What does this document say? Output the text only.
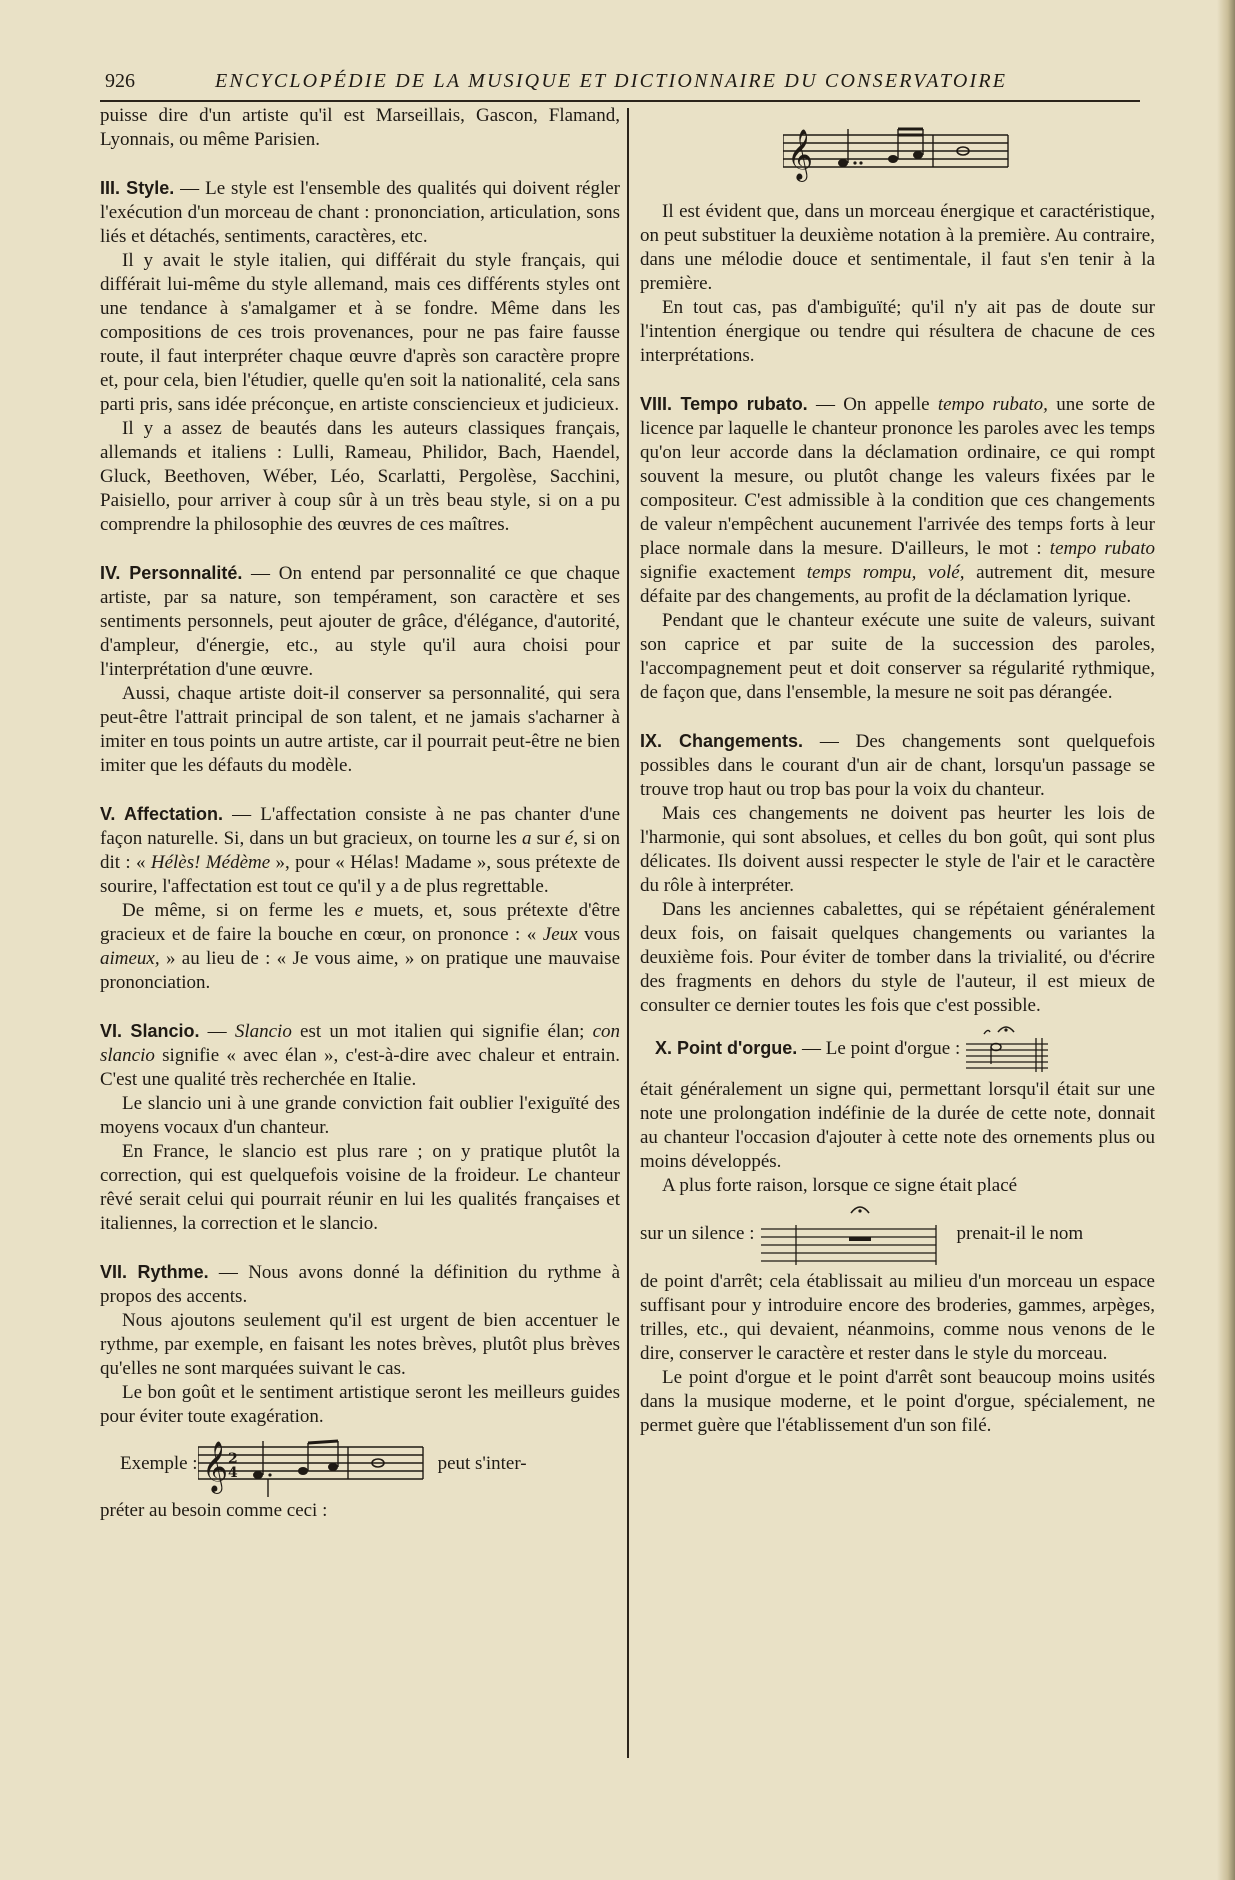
926	ENCYCLOPÉDIE DE LA MUSIQUE ET DICTIONNAIRE DU CONSERVATOIRE

puisse dire d'un artiste qu'il est Marseillais, Gascon, Flamand, Lyonnais, ou même Parisien.

III. Style. — Le style est l'ensemble des qualités qui doivent régler l'exécution d'un morceau de chant : prononciation, articulation, sons liés et détachés, sentiments, caractères, etc.

Il y avait le style italien, qui différait du style français, qui différait lui-même du style allemand, mais ces différents styles ont une tendance à s'amalgamer et à se fondre. Même dans les compositions de ces trois provenances, pour ne pas faire fausse route, il faut interpréter chaque œuvre d'après son caractère propre et, pour cela, bien l'étudier, quelle qu'en soit la nationalité, cela sans parti pris, sans idée préconçue, en artiste consciencieux et judicieux.

Il y a assez de beautés dans les auteurs classiques français, allemands et italiens : Lulli, Rameau, Philidor, Bach, Haendel, Gluck, Beethoven, Wéber, Léo, Scarlatti, Pergolèse, Sacchini, Paisiello, pour arriver à coup sûr à un très beau style, si on a pu comprendre la philosophie des œuvres de ces maîtres.

IV. Personnalité. — On entend par personnalité ce que chaque artiste, par sa nature, son tempérament, son caractère et ses sentiments personnels, peut ajouter de grâce, d'élégance, d'autorité, d'ampleur, d'énergie, etc., au style qu'il aura choisi pour l'interprétation d'une œuvre.

Aussi, chaque artiste doit-il conserver sa personnalité, qui sera peut-être l'attrait principal de son talent, et ne jamais s'acharner à imiter en tous points un autre artiste, car il pourrait peut-être ne bien imiter que les défauts du modèle.

V. Affectation. — L'affectation consiste à ne pas chanter d'une façon naturelle. Si, dans un but gracieux, on tourne les a sur é, si on dit : « Hélès! Médème », pour « Hélas! Madame », sous prétexte de sourire, l'affectation est tout ce qu'il y a de plus regrettable.

De même, si on ferme les e muets, et, sous prétexte d'être gracieux et de faire la bouche en cœur, on prononce : « Jeux vous aimeux, » au lieu de : « Je vous aime, » on pratique une mauvaise prononciation.

VI. Slancio. — Slancio est un mot italien qui signifie élan; con slancio signifie « avec élan », c'est-à-dire avec chaleur et entrain. C'est une qualité très recherchée en Italie.

Le slancio uni à une grande conviction fait oublier l'exiguïté des moyens vocaux d'un chanteur.

En France, le slancio est plus rare ; on y pratique plutôt la correction, qui est quelquefois voisine de la froideur. Le chanteur rêvé serait celui qui pourrait réunir en lui les qualités françaises et italiennes, la correction et le slancio.

VII. Rythme. — Nous avons donné la définition du rythme à propos des accents.

Nous ajoutons seulement qu'il est urgent de bien accentuer le rythme, par exemple, en faisant les notes brèves, plutôt plus brèves qu'elles ne sont marquées suivant le cas.

Le bon goût et le sentiment artistique seront les meilleurs guides pour éviter toute exagération.

Exemple : 𝄞 2
4	peut s'inter-

préter au besoin comme ceci :

𝄞

Il est évident que, dans un morceau énergique et caractéristique, on peut substituer la deuxième notation à la première. Au contraire, dans une mélodie douce et sentimentale, il faut s'en tenir à la première.

En tout cas, pas d'ambiguïté; qu'il n'y ait pas de doute sur l'intention énergique ou tendre qui résultera de chacune de ces interprétations.

VIII. Tempo rubato. — On appelle tempo rubato, une sorte de licence par laquelle le chanteur prononce les paroles avec les temps qu'on leur accorde dans la déclamation ordinaire, ce qui rompt souvent la mesure, ou plutôt change les valeurs fixées par le compositeur. C'est admissible à la condition que ces changements de valeur n'empêchent aucunement l'arrivée des temps forts à leur place normale dans la mesure. D'ailleurs, le mot : tempo rubato signifie exactement temps rompu, volé, autrement dit, mesure défaite par des changements, au profit de la déclamation lyrique.

Pendant que le chanteur exécute une suite de valeurs, suivant son caprice et par suite de la succession des paroles, l'accompagnement peut et doit conserver sa régularité rythmique, de façon que, dans l'ensemble, la mesure ne soit pas dérangée.

IX. Changements. — Des changements sont quelquefois possibles dans le courant d'un air de chant, lorsqu'un passage se trouve trop haut ou trop bas pour la voix du chanteur.

Mais ces changements ne doivent pas heurter les lois de l'harmonie, qui sont absolues, et celles du bon goût, qui sont plus délicates. Ils doivent aussi respecter le style de l'air et le caractère du rôle à interpréter.

Dans les anciennes cabalettes, qui se répétaient généralement deux fois, on faisait quelques changements ou variantes la deuxième fois. Pour éviter de tomber dans la trivialité, ou d'écrire des fragments en dehors du style de l'auteur, il est mieux de consulter ce dernier toutes les fois que c'est possible.

X. Point d'orgue. — Le point d'orgue :

était généralement un signe qui, permettant lorsqu'il était sur une note une prolongation indéfinie de la durée de cette note, donnait au chanteur l'occasion d'ajouter à cette note des ornements plus ou moins développés.

A plus forte raison, lorsque ce signe était placé

sur un silence :	prenait-il le nom

de point d'arrêt; cela établissait au milieu d'un morceau un espace suffisant pour y introduire encore des broderies, gammes, arpèges, trilles, etc., qui devaient, néanmoins, comme nous venons de le dire, conserver le caractère et rester dans le style du morceau.

Le point d'orgue et le point d'arrêt sont beaucoup moins usités dans la musique moderne, et le point d'orgue, spécialement, ne permet guère que l'établissement d'un son filé.
